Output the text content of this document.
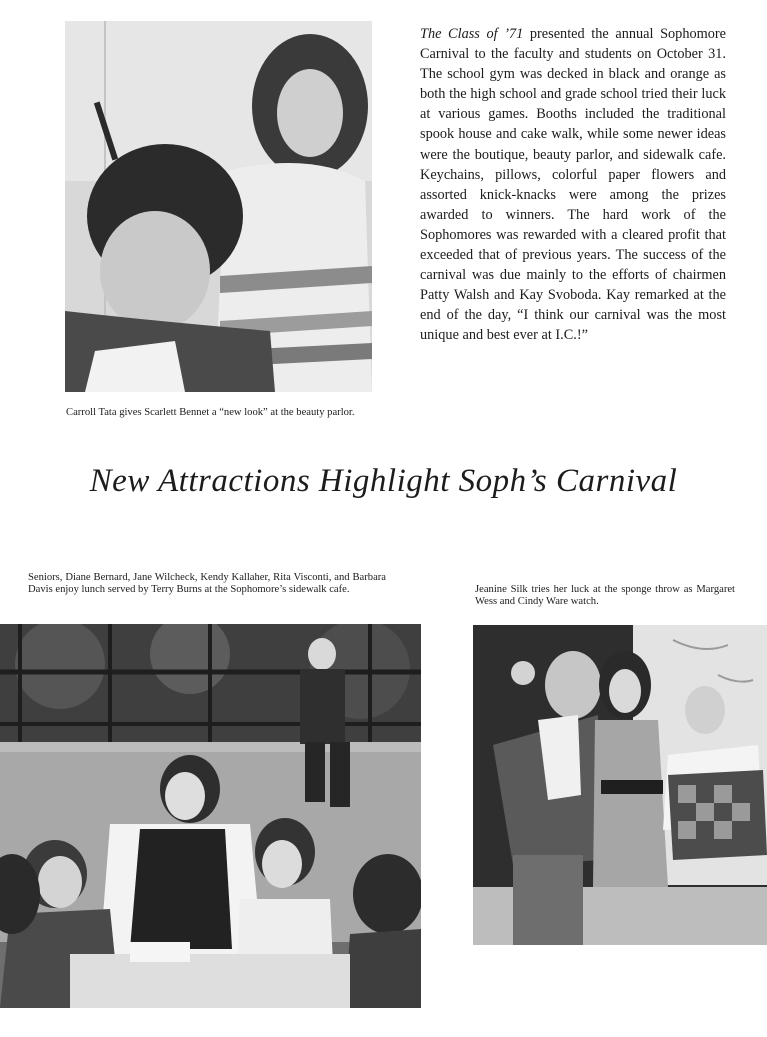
The Class of ’71 presented the annual Sophomore Carnival to the faculty and students on October 31. The school gym was decked in black and orange as both the high school and grade school tried their luck at various games. Booths included the traditional spook house and cake walk, while some newer ideas were the boutique, beauty parlor, and sidewalk cafe. Keychains, pillows, colorful paper flowers and assorted knick-knacks were among the prizes awarded to winners. The hard work of the Sophomores was rewarded with a cleared profit that exceeded that of previous years. The success of the carnival was due mainly to the efforts of chairmen Patty Walsh and Kay Svoboda. Kay remarked at the end of the day, “I think our carnival was the most unique and best ever at I.C.!”

Carroll Tata gives Scarlett Bennet a “new look” at the beauty parlor.

New Attractions Highlight Soph’s Carnival

Seniors, Diane Bernard, Jane Wilcheck, Kendy Kallaher, Rita Visconti, and Barbara Davis enjoy lunch served by Terry Burns at the Sophomore’s sidewalk cafe.	Jeanine Silk tries her luck at the sponge throw as Margaret Wess and Cindy Ware watch.
